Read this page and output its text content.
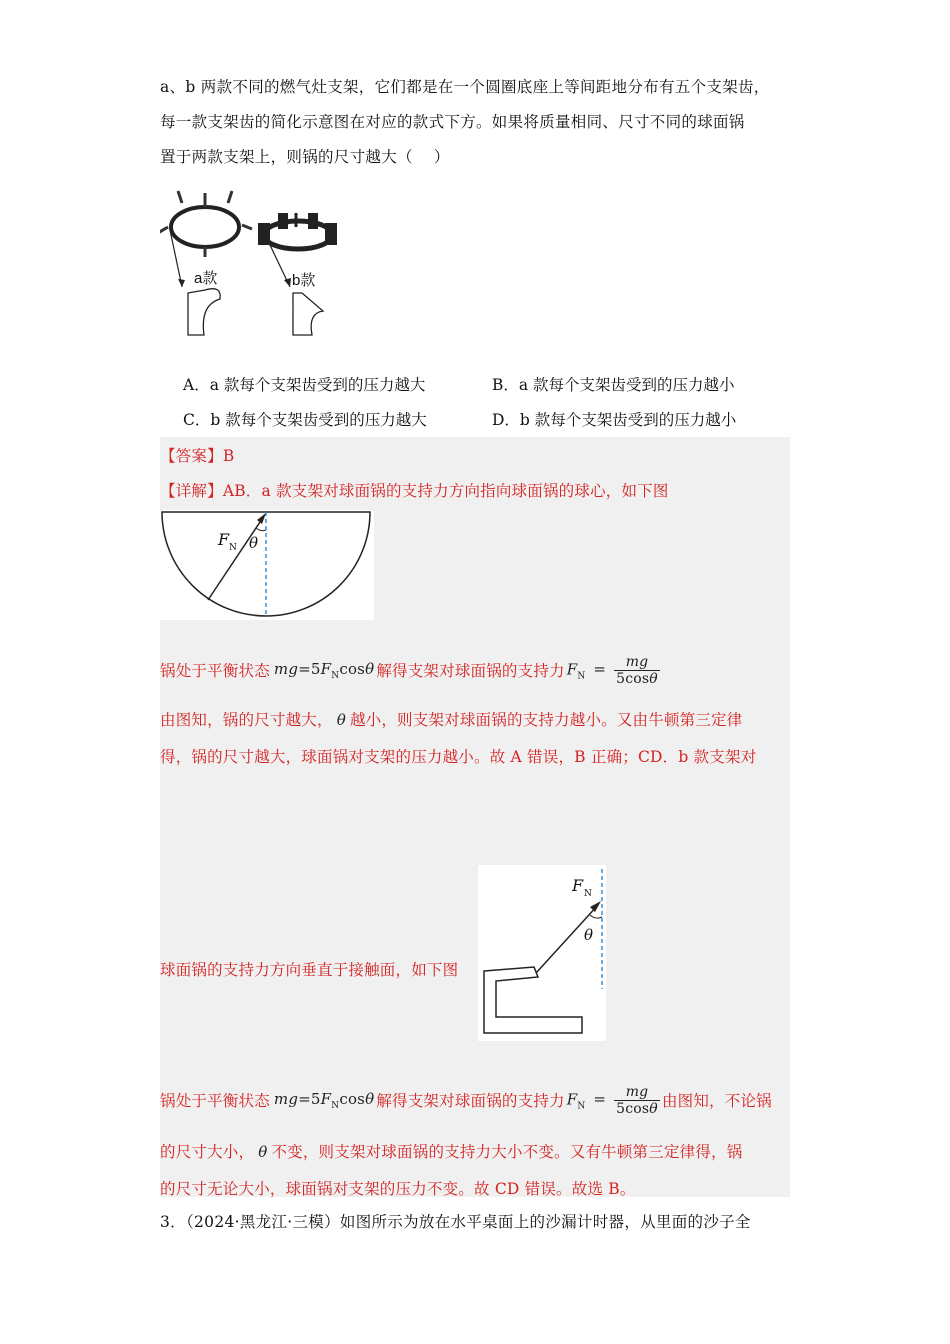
a、b 两款不同的燃气灶支架，它们都是在一个圆圈底座上等间距地分布有五个支架齿，
每一款支架齿的简化示意图在对应的款式下方。如果将质量相同、尺寸不同的球面锅
置于两款支架上，则锅的尺寸越大（　 ）
a款	b款
A．a 款每个支架齿受到的压力越大	B．a 款每个支架齿受到的压力越小
C．b 款每个支架齿受到的压力越大	D．b 款每个支架齿受到的压力越小
【答案】B
【详解】AB．a 款支架对球面锅的支持力方向指向球面锅的球心，如下图
F N θ
锅处于平衡状态 $mg=5F_N\cos\theta$ 解得支架对球面锅的支持力 $F_N = \frac{mg}{5\cos\theta}$
由图知，锅的尺寸越大， θ 越小，则支架对球面锅的支持力越小。又由牛顿第三定律
得，锅的尺寸越大，球面锅对支架的压力越小。故 A 错误，B 正确；CD．b 款支架对
F N
θ
球面锅的支持力方向垂直于接触面，如下图
锅处于平衡状态 $mg=5F_N\cos\theta$ 解得支架对球面锅的支持力 $F_N = \frac{mg}{5\cos\theta}$ 由图知，不论锅
的尺寸大小， θ 不变，则支架对球面锅的支持力大小不变。又有牛顿第三定律得，锅
的尺寸无论大小，球面锅对支架的压力不变。故 CD 错误。故选 B。
3．（2024·黑龙江·三模）如图所示为放在水平桌面上的沙漏计时器，从里面的沙子全
